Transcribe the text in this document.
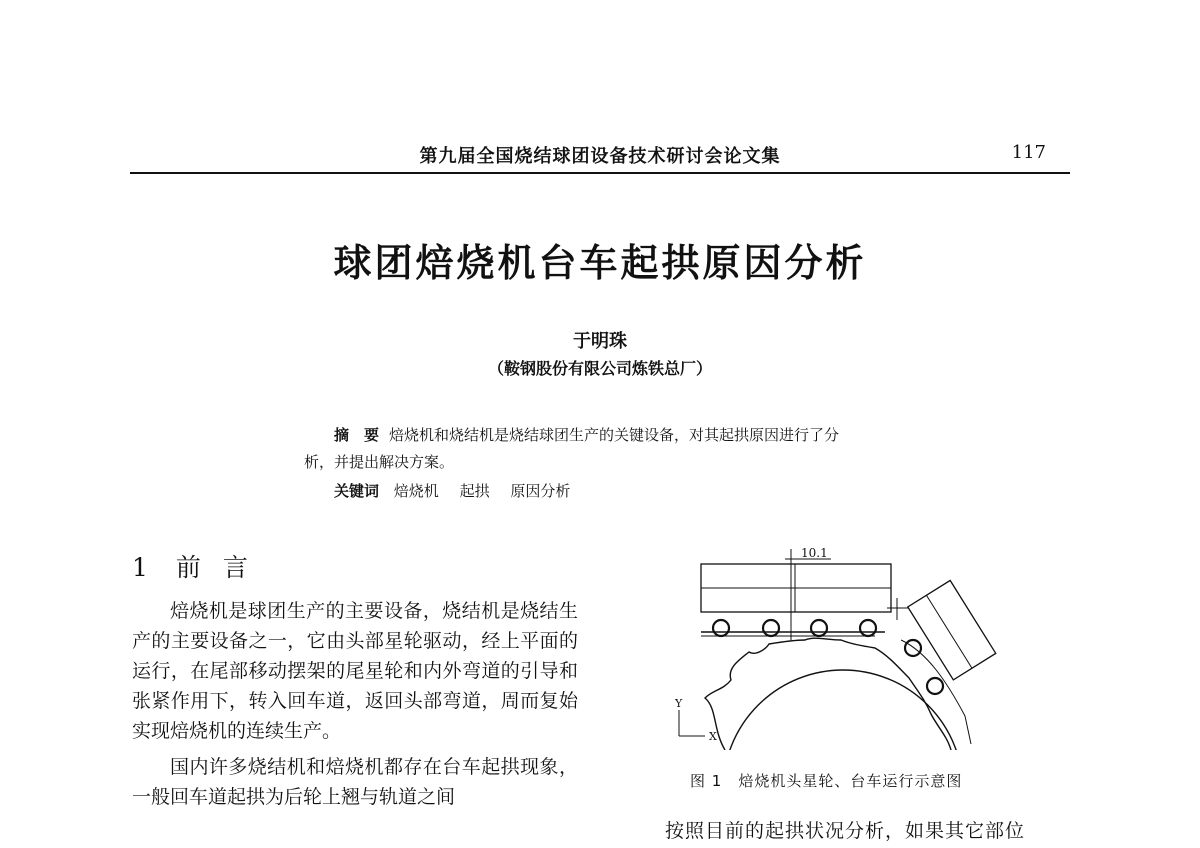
第九届全国烧结球团设备技术研讨会论文集	117
球团焙烧机台车起拱原因分析
于明珠
（鞍钢股份有限公司炼铁总厂）
摘　要 焙烧机和烧结机是烧结球团生产的关键设备，对其起拱原因进行了分
析，并提出解决方案。
关键词 焙烧机 起拱 原因分析
1 前言

焙烧机是球团生产的主要设备，烧结机是烧结生产的主要设备之一，它由头部星轮驱动，经上平面的运行，在尾部移动摆架的尾星轮和内外弯道的引导和张紧作用下，转入回车道，返回头部弯道，周而复始实现焙烧机的连续生产。

国内许多烧结机和焙烧机都存在台车起拱现象，一般回车道起拱为后轮上翘与轨道之间

10.1
Y
X
图 1 焙烧机头星轮、台车运行示意图
按照目前的起拱状况分析，如果其它部位
